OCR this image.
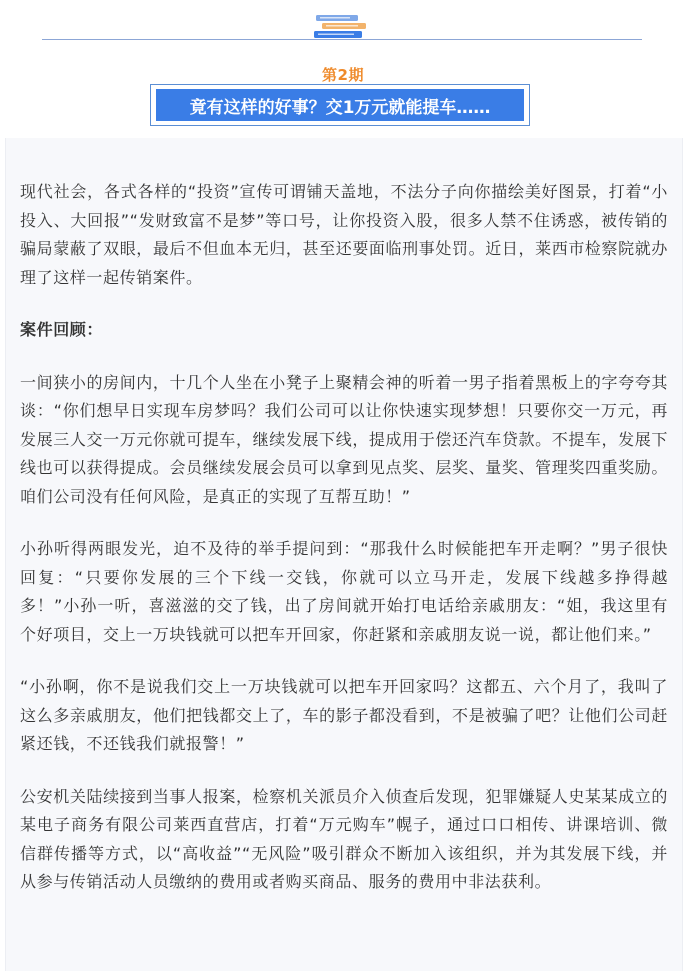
第2期
竟有这样的好事？交1万元就能提车……

现代社会，各式各样的“投资”宣传可谓铺天盖地，不法分子向你描绘美好图景，打着“小投入、大回报”“发财致富不是梦”等口号，让你投资入股，很多人禁不住诱惑，被传销的骗局蒙蔽了双眼，最后不但血本无归，甚至还要面临刑事处罚。近日，莱西市检察院就办理了这样一起传销案件。

案件回顾：

一间狭小的房间内，十几个人坐在小凳子上聚精会神的听着一男子指着黑板上的字夸夸其谈：“你们想早日实现车房梦吗？我们公司可以让你快速实现梦想！只要你交一万元，再发展三人交一万元你就可提车，继续发展下线，提成用于偿还汽车贷款。不提车，发展下线也可以获得提成。会员继续发展会员可以拿到见点奖、层奖、量奖、管理奖四重奖励。咱们公司没有任何风险，是真正的实现了互帮互助！”

小孙听得两眼发光，迫不及待的举手提问到：“那我什么时候能把车开走啊？”男子很快回复：“只要你发展的三个下线一交钱，你就可以立马开走，发展下线越多挣得越多！”小孙一听，喜滋滋的交了钱，出了房间就开始打电话给亲戚朋友：“姐，我这里有个好项目，交上一万块钱就可以把车开回家，你赶紧和亲戚朋友说一说，都让他们来。”

“小孙啊，你不是说我们交上一万块钱就可以把车开回家吗？这都五、六个月了，我叫了这么多亲戚朋友，他们把钱都交上了，车的影子都没看到，不是被骗了吧？让他们公司赶紧还钱，不还钱我们就报警！”

公安机关陆续接到当事人报案，检察机关派员介入侦查后发现，犯罪嫌疑人史某某成立的某电子商务有限公司莱西直营店，打着“万元购车”幌子，通过口口相传、讲课培训、微信群传播等方式，以“高收益”“无风险”吸引群众不断加入该组织，并为其发展下线，并从参与传销活动人员缴纳的费用或者购买商品、服务的费用中非法获利。
